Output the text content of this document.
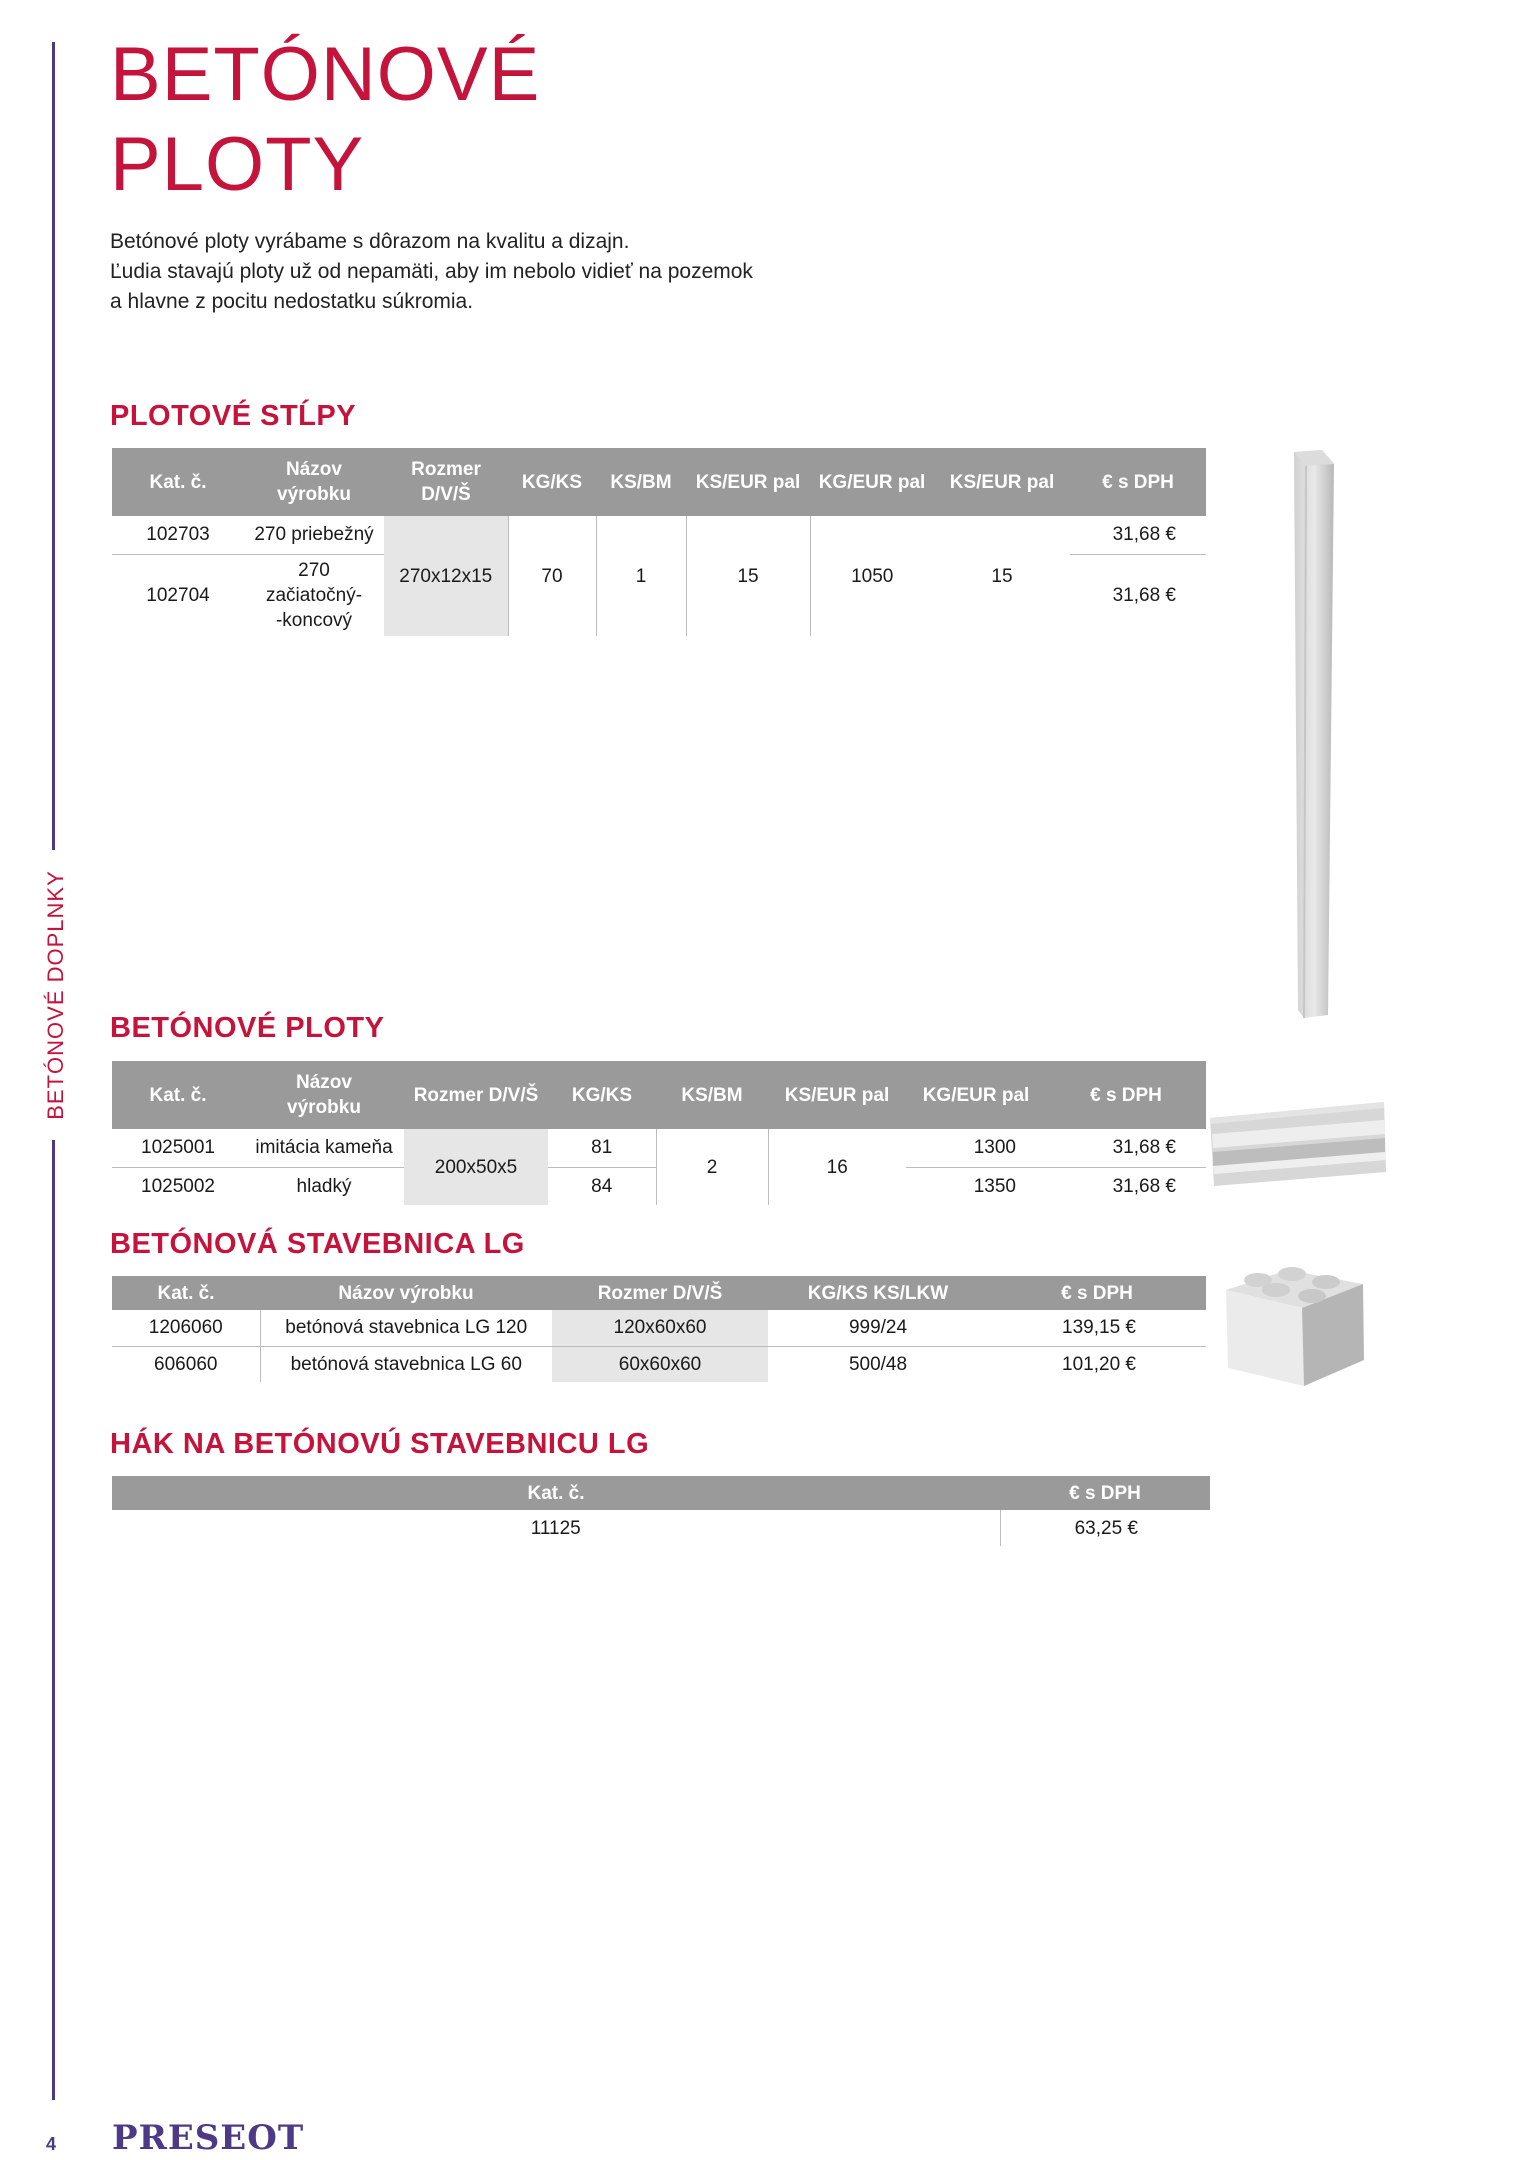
BETÓNOVÉ DOPLNKY
BETÓNOVÉ
PLOTY
Betónové ploty vyrábame s dôrazom na kvalitu a dizajn.
Ľudia stavajú ploty už od nepamäti, aby im nebolo vidieť na pozemok
a hlavne z pocitu nedostatku súkromia.
PLOTOVÉ STĹPY
Kat. č.	Názov
výrobku	Rozmer
D/V/Š	KG/KS	KS/BM	KS/EUR pal	KG/EUR pal	KS/EUR pal	€ s DPH
102703	270 priebežný	270x12x15	70	1	15	1050	15	31,68 €
102704	270
začiatočný-
-koncový							31,68 €
BETÓNOVÉ PLOTY
Kat. č.	Názov
výrobku	Rozmer D/V/Š	KG/KS	KS/BM	KS/EUR pal	KG/EUR pal	€ s DPH
1025001	imitácia kameňa	200x50x5	81	2	16	1300	31,68 €
1025002	hladký		84			1350	31,68 €
BETÓNOVÁ STAVEBNICA LG
Kat. č.	Názov výrobku	Rozmer D/V/Š	KG/KS KS/LKW	€ s DPH
1206060	betónová stavebnica LG 120	120x60x60	999/24	139,15 €
606060	betónová stavebnica LG 60	60x60x60	500/48	101,20 €
HÁK NA BETÓNOVÚ STAVEBNICU LG
Kat. č.	€ s DPH
11125	63,25 €
4 PRESEOT
